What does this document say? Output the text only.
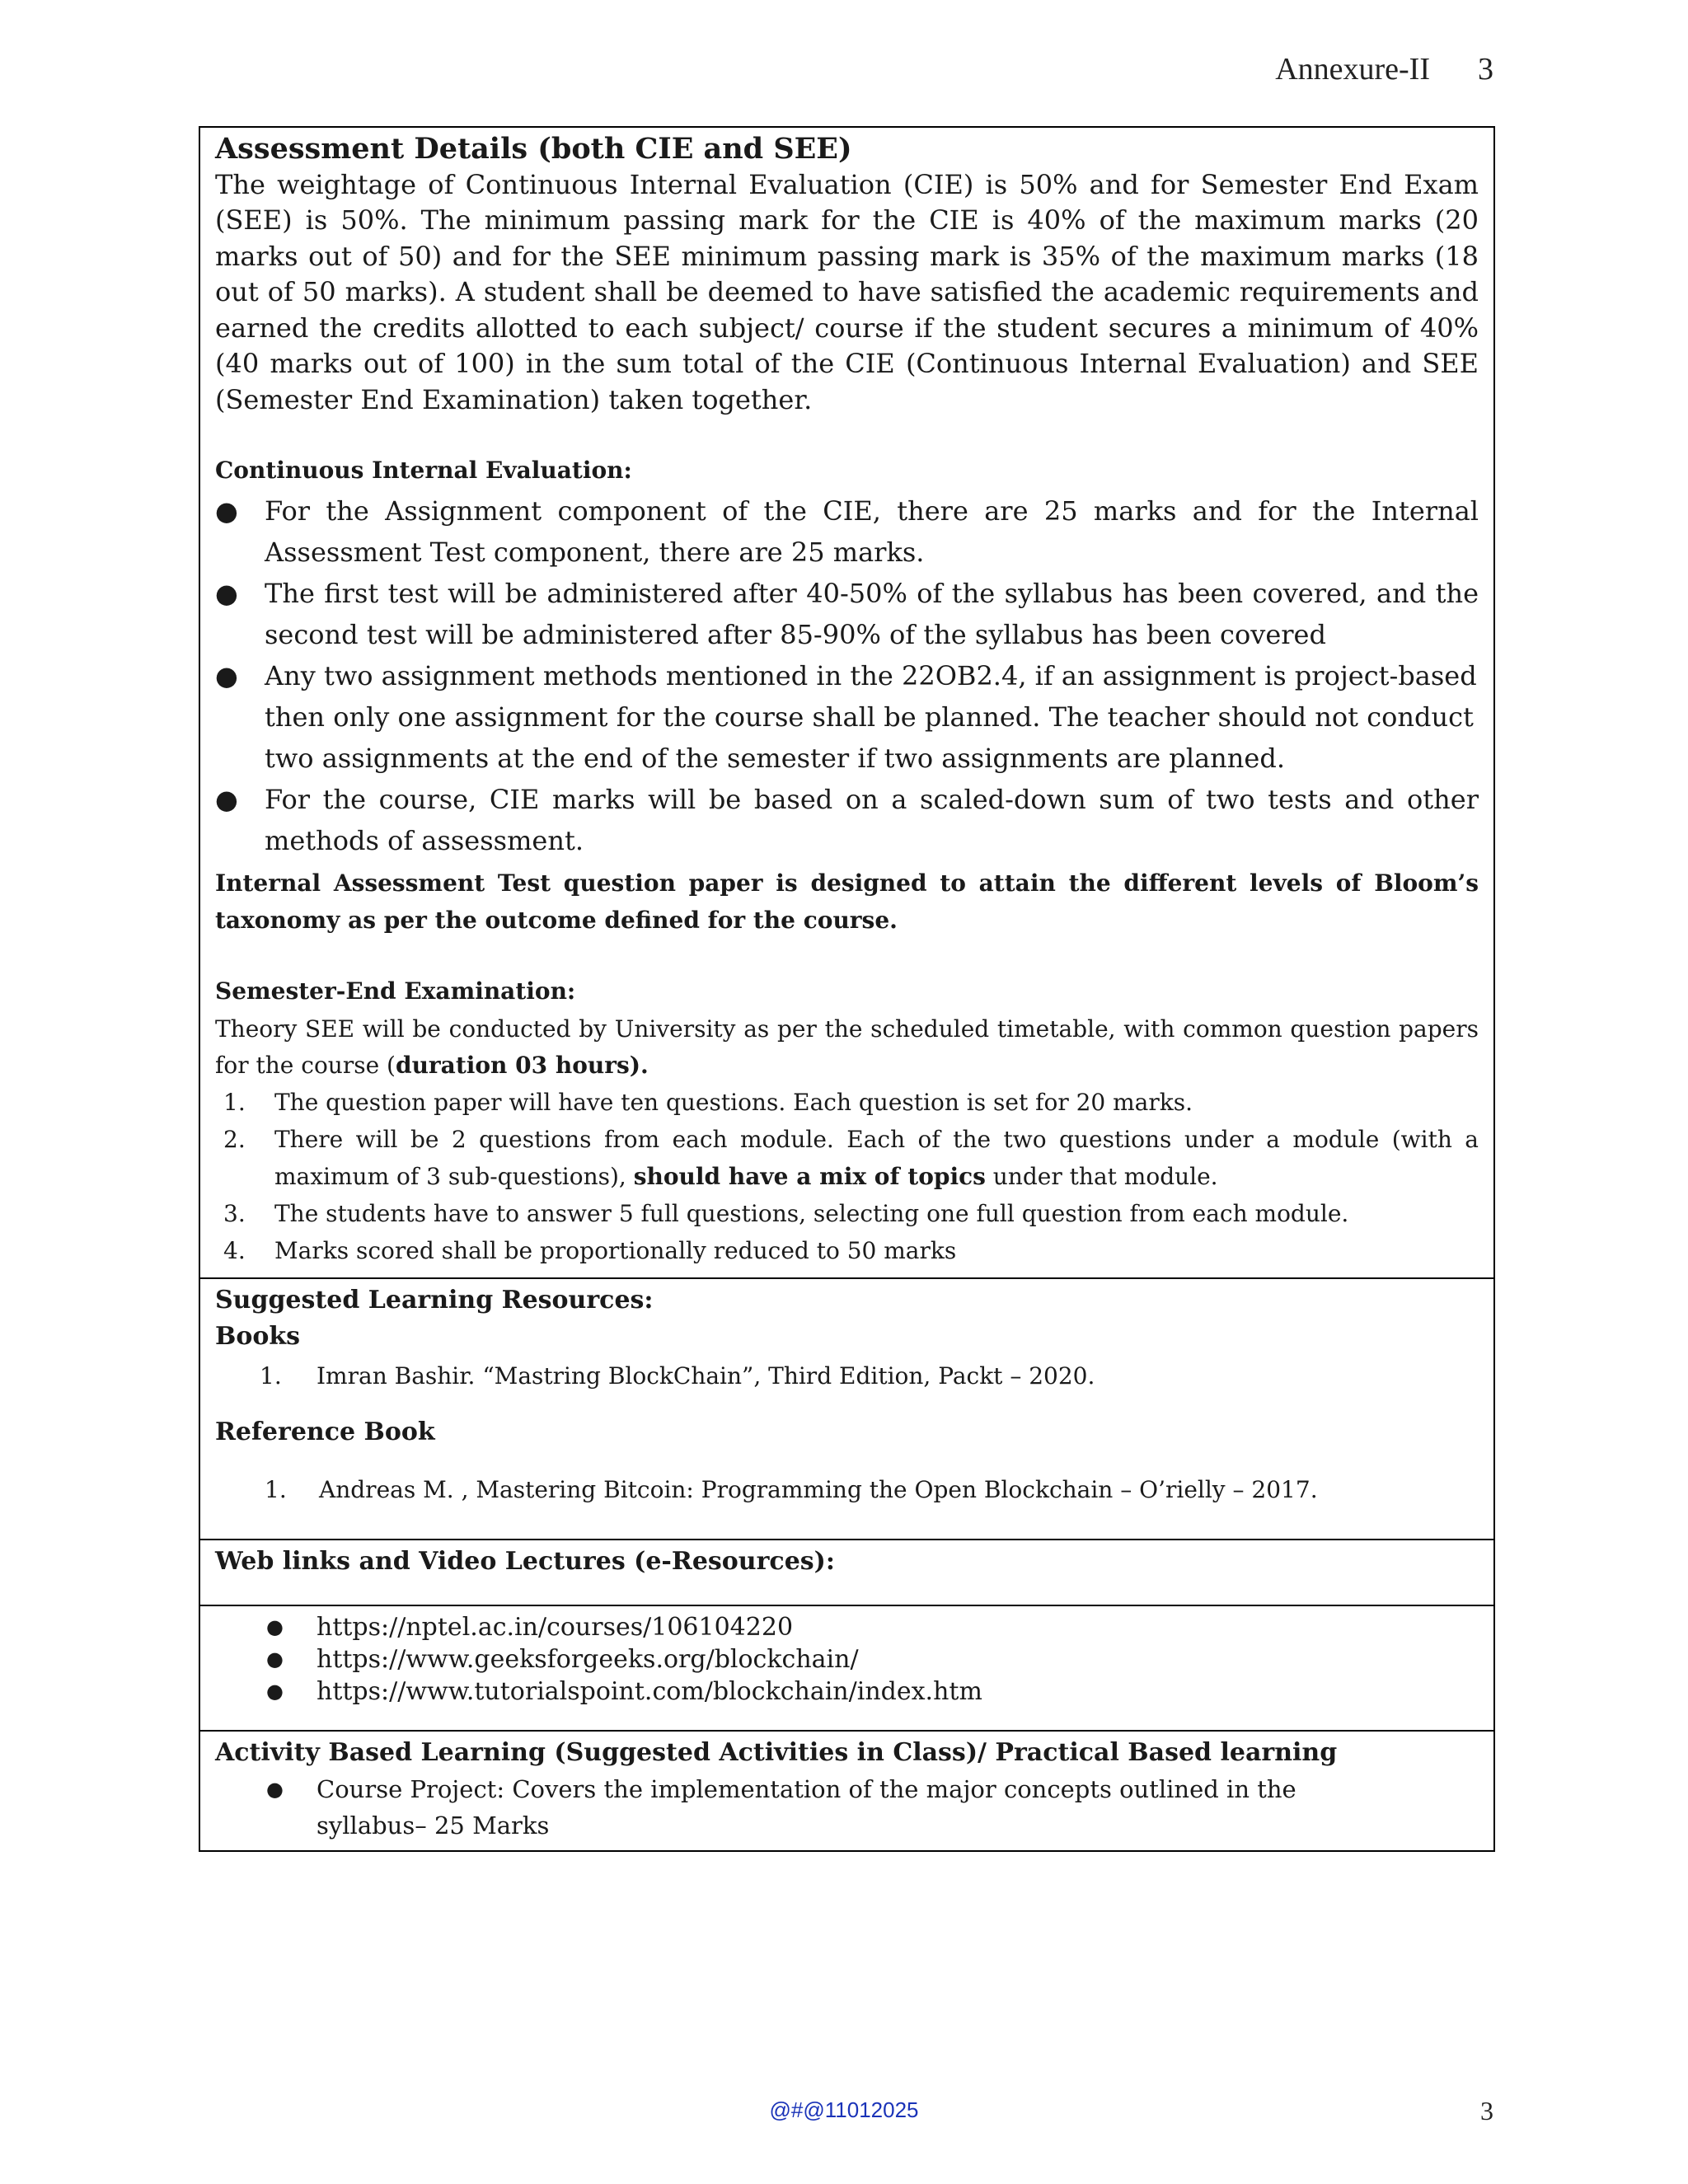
Annexure-II 3
Assessment Details (both CIE and SEE)

The weightage of Continuous Internal Evaluation (CIE) is 50% and for Semester End Exam (SEE) is 50%. The minimum passing mark for the CIE is 40% of the maximum marks (20 marks out of 50) and for the SEE minimum passing mark is 35% of the maximum marks (18 out of 50 marks). A student shall be deemed to have satisfied the academic requirements and earned the credits allotted to each subject/ course if the student secures a minimum of 40% (40 marks out of 100) in the sum total of the CIE (Continuous Internal Evaluation) and SEE (Semester End Examination) taken together.

Continuous Internal Evaluation:
● For the Assignment component of the CIE, there are 25 marks and for the Internal Assessment Test component, there are 25 marks.
● The first test will be administered after 40-50% of the syllabus has been covered, and the second test will be administered after 85-90% of the syllabus has been covered
● Any two assignment methods mentioned in the 22OB2.4, if an assignment is project-based then only one assignment for the course shall be planned. The teacher should not conduct two assignments at the end of the semester if two assignments are planned.
● For the course, CIE marks will be based on a scaled-down sum of two tests and other methods of assessment.

Internal Assessment Test question paper is designed to attain the different levels of Bloom’s taxonomy as per the outcome defined for the course.

Semester-End Examination:

Theory SEE will be conducted by University as per the scheduled timetable, with common question papers for the course (duration 03 hours).

1. The question paper will have ten questions. Each question is set for 20 marks.
2. There will be 2 questions from each module. Each of the two questions under a module (with a maximum of 3 sub-questions), should have a mix of topics under that module.
3. The students have to answer 5 full questions, selecting one full question from each module.
4. Marks scored shall be proportionally reduced to 50 marks

Suggested Learning Resources:
Books
1. Imran Bashir. “Mastring BlockChain”, Third Edition, Packt – 2020.
Reference Book
1. Andreas M. , Mastering Bitcoin: Programming the Open Blockchain – O’rielly – 2017.

Web links and Video Lectures (e-Resources):

● https://nptel.ac.in/courses/106104220
● https://www.geeksforgeeks.org/blockchain/
● https://www.tutorialspoint.com/blockchain/index.htm

Activity Based Learning (Suggested Activities in Class)/ Practical Based learning
● Course Project: Covers the implementation of the major concepts outlined in the syllabus– 25 Marks
@#@11012025	3
